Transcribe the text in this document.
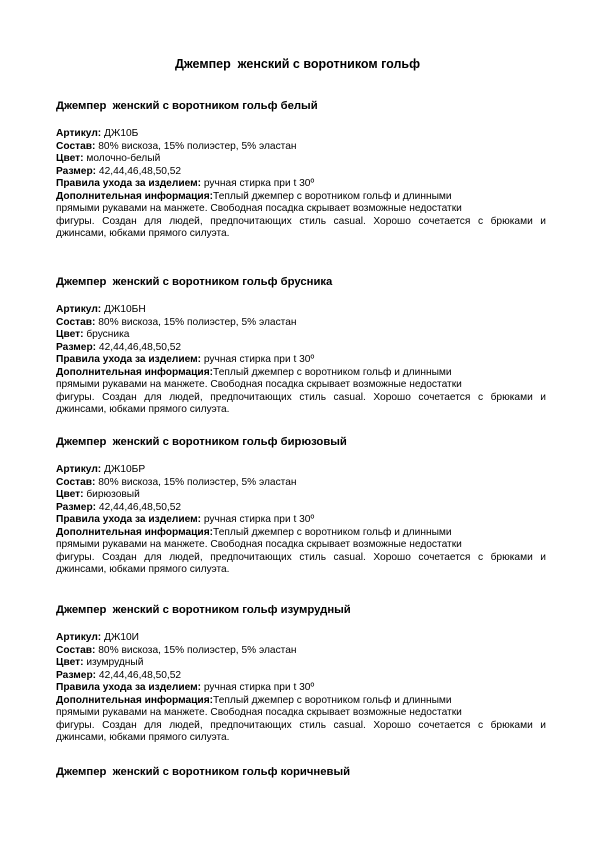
Джемпер  женский с воротником гольф
Джемпер  женский с воротником гольф белый
Артикул: ДЖ10Б
Состав: 80% вискоза, 15% полиэстер, 5% эластан
Цвет: молочно-белый
Размер: 42,44,46,48,50,52
Правила ухода за изделием: ручная стирка при t 30º
Дополнительная информация:Теплый джемпер с воротником гольф и длинными
прямыми рукавами на манжете. Свободная посадка скрывает возможные недостатки
фигуры. Создан для людей, предпочитающих стиль casual. Хорошо сочетается с брюками и
джинсами, юбками прямого силуэта.
Джемпер  женский с воротником гольф брусника
Артикул: ДЖ10БН
Состав: 80% вискоза, 15% полиэстер, 5% эластан
Цвет: брусника
Размер: 42,44,46,48,50,52
Правила ухода за изделием: ручная стирка при t 30º
Дополнительная информация:Теплый джемпер с воротником гольф и длинными
прямыми рукавами на манжете. Свободная посадка скрывает возможные недостатки
фигуры. Создан для людей, предпочитающих стиль casual. Хорошо сочетается с брюками и
джинсами, юбками прямого силуэта.
Джемпер  женский с воротником гольф бирюзовый
Артикул: ДЖ10БР
Состав: 80% вискоза, 15% полиэстер, 5% эластан
Цвет: бирюзовый
Размер: 42,44,46,48,50,52
Правила ухода за изделием: ручная стирка при t 30º
Дополнительная информация:Теплый джемпер с воротником гольф и длинными
прямыми рукавами на манжете. Свободная посадка скрывает возможные недостатки
фигуры. Создан для людей, предпочитающих стиль casual. Хорошо сочетается с брюками и
джинсами, юбками прямого силуэта.
Джемпер  женский с воротником гольф изумрудный
Артикул: ДЖ10И
Состав: 80% вискоза, 15% полиэстер, 5% эластан
Цвет: изумрудный
Размер: 42,44,46,48,50,52
Правила ухода за изделием: ручная стирка при t 30º
Дополнительная информация:Теплый джемпер с воротником гольф и длинными
прямыми рукавами на манжете. Свободная посадка скрывает возможные недостатки
фигуры. Создан для людей, предпочитающих стиль casual. Хорошо сочетается с брюками и
джинсами, юбками прямого силуэта.
Джемпер  женский с воротником гольф коричневый
